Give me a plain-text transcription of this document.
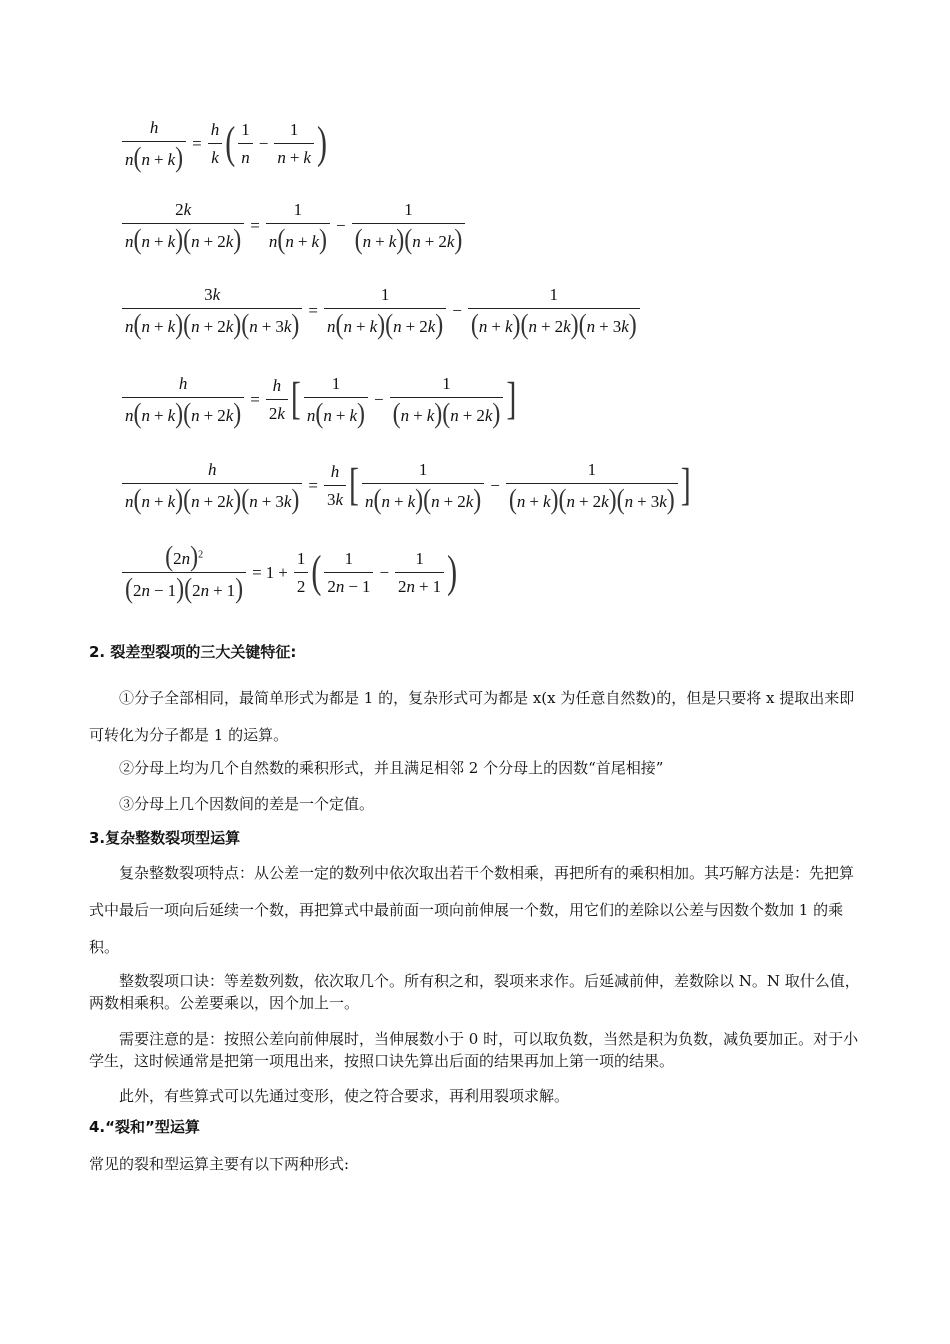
$\frac{h}{n(n + k)} = \frac{h}{k}$ ( $\frac{1}{n} - \frac{1}{n + k}$ )
$\frac{2k}{n(n + k)(n + 2k)} = \frac{1}{n(n + k)} - \frac{1}{(n + k)(n + 2k)}$
$\frac{3k}{n(n + k)(n + 2k)(n + 3k)} = \frac{1}{n(n + k)(n + 2k)} - \frac{1}{(n + k)(n + 2k)(n + 3k)}$
$\frac{h}{n(n + k)(n + 2k)} = \frac{h}{2k}$ [ $\frac{1}{n(n + k)} - \frac{1}{(n + k)(n + 2k)}$ ]
$\frac{h}{n(n + k)(n + 2k)(n + 3k)} = \frac{h}{3k}$ [ $\frac{1}{n(n + k)(n + 2k)} - \frac{1}{(n + k)(n + 2k)(n + 3k)}$ ]
$\frac{(2n)^2}{(2n - 1)(2n + 1)} = 1 + \frac{1}{2}$ ( $\frac{1}{2n - 1} - \frac{1}{2n + 1}$ )
2. 裂差型裂项的三大关键特征:
①分子全部相同，最简单形式为都是 1 的，复杂形式可为都是 x(x 为任意自然数)的，但是只要将 x 提取出来即可转化为分子都是 1 的运算。
②分母上均为几个自然数的乘积形式，并且满足相邻 2 个分母上的因数“首尾相接”
③分母上几个因数间的差是一个定值。
3.复杂整数裂项型运算
复杂整数裂项特点：从公差一定的数列中依次取出若干个数相乘，再把所有的乘积相加。其巧解方法是：先把算式中最后一项向后延续一个数，再把算式中最前面一项向前伸展一个数，用它们的差除以公差与因数个数加 1 的乘积。
整数裂项口诀：等差数列数，依次取几个。所有积之和，裂项来求作。后延减前伸，差数除以 N。N 取什么值，两数相乘积。公差要乘以，因个加上一。
需要注意的是：按照公差向前伸展时，当伸展数小于 0 时，可以取负数，当然是积为负数，减负要加正。对于小学生，这时候通常是把第一项甩出来，按照口诀先算出后面的结果再加上第一项的结果。
此外，有些算式可以先通过变形，使之符合要求，再利用裂项求解。
4.“裂和”型运算
常见的裂和型运算主要有以下两种形式:
